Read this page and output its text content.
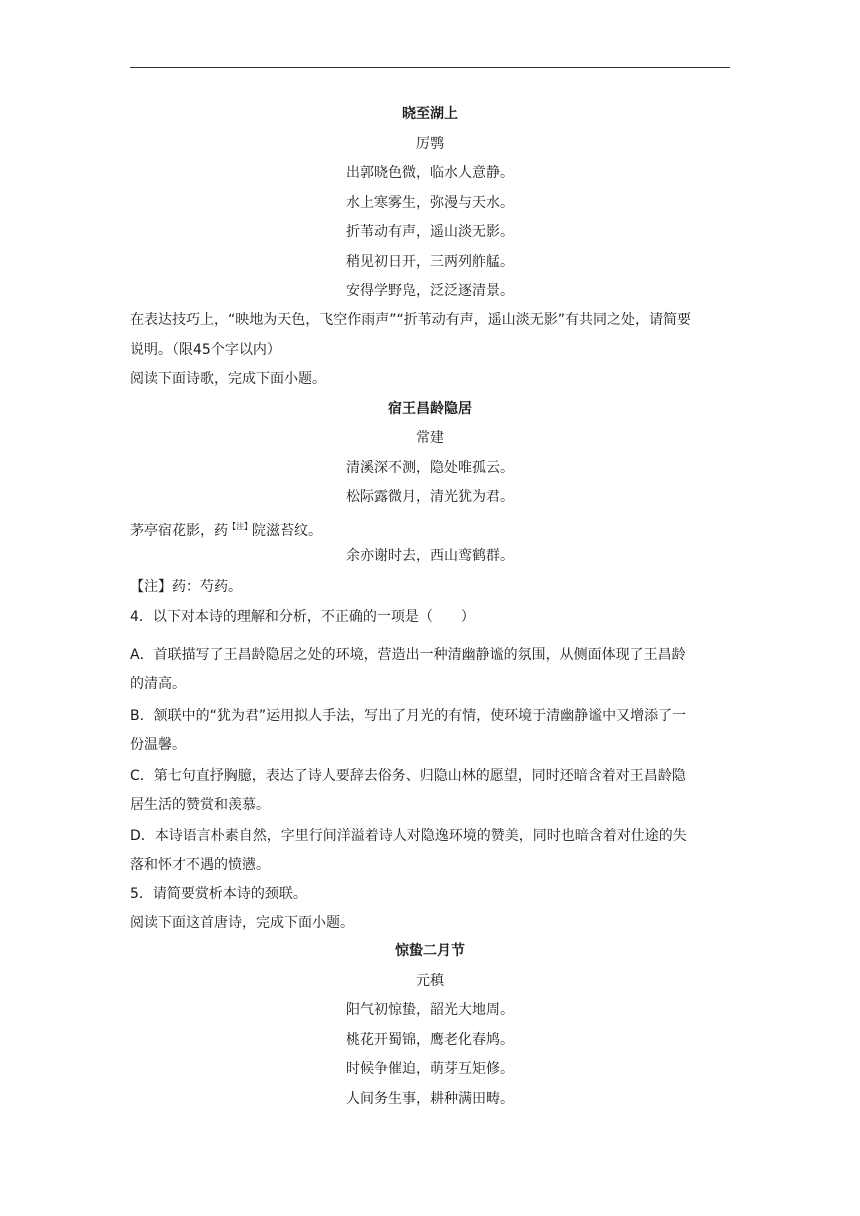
晓至湖上
厉鹗
出郭晓色微，临水人意静。
水上寒雾生，弥漫与天水。
折苇动有声，遥山淡无影。
稍见初日开，三两列舴艋。
安得学野凫，泛泛逐清景。
在表达技巧上，“映地为天色，飞空作雨声”“折苇动有声，遥山淡无影”有共同之处，请简要
说明。（限45个字以内）
阅读下面诗歌，完成下面小题。
宿王昌龄隐居
常建
清溪深不测，隐处唯孤云。
松际露微月，清光犹为君。
茅亭宿花影，药$^{【注】}$院滋苔纹。
余亦谢时去，西山鸾鹤群。
【注】药：芍药。
4．以下对本诗的理解和分析，不正确的一项是（　　）
A．首联描写了王昌龄隐居之处的环境，营造出一种清幽静谧的氛围，从侧面体现了王昌龄
的清高。
B．颔联中的“犹为君”运用拟人手法，写出了月光的有情，使环境于清幽静谧中又增添了一
份温馨。
C．第七句直抒胸臆，表达了诗人要辞去俗务、归隐山林的愿望，同时还暗含着对王昌龄隐
居生活的赞赏和羡慕。
D．本诗语言朴素自然，字里行间洋溢着诗人对隐逸环境的赞美，同时也暗含着对仕途的失
落和怀才不遇的愤懑。
5．请简要赏析本诗的颈联。
阅读下面这首唐诗，完成下面小题。
惊蛰二月节
元稹
阳气初惊蛰，韶光大地周。
桃花开蜀锦，鹰老化春鸠。
时候争催迫，萌芽互矩修。
人间务生事，耕种满田畴。
